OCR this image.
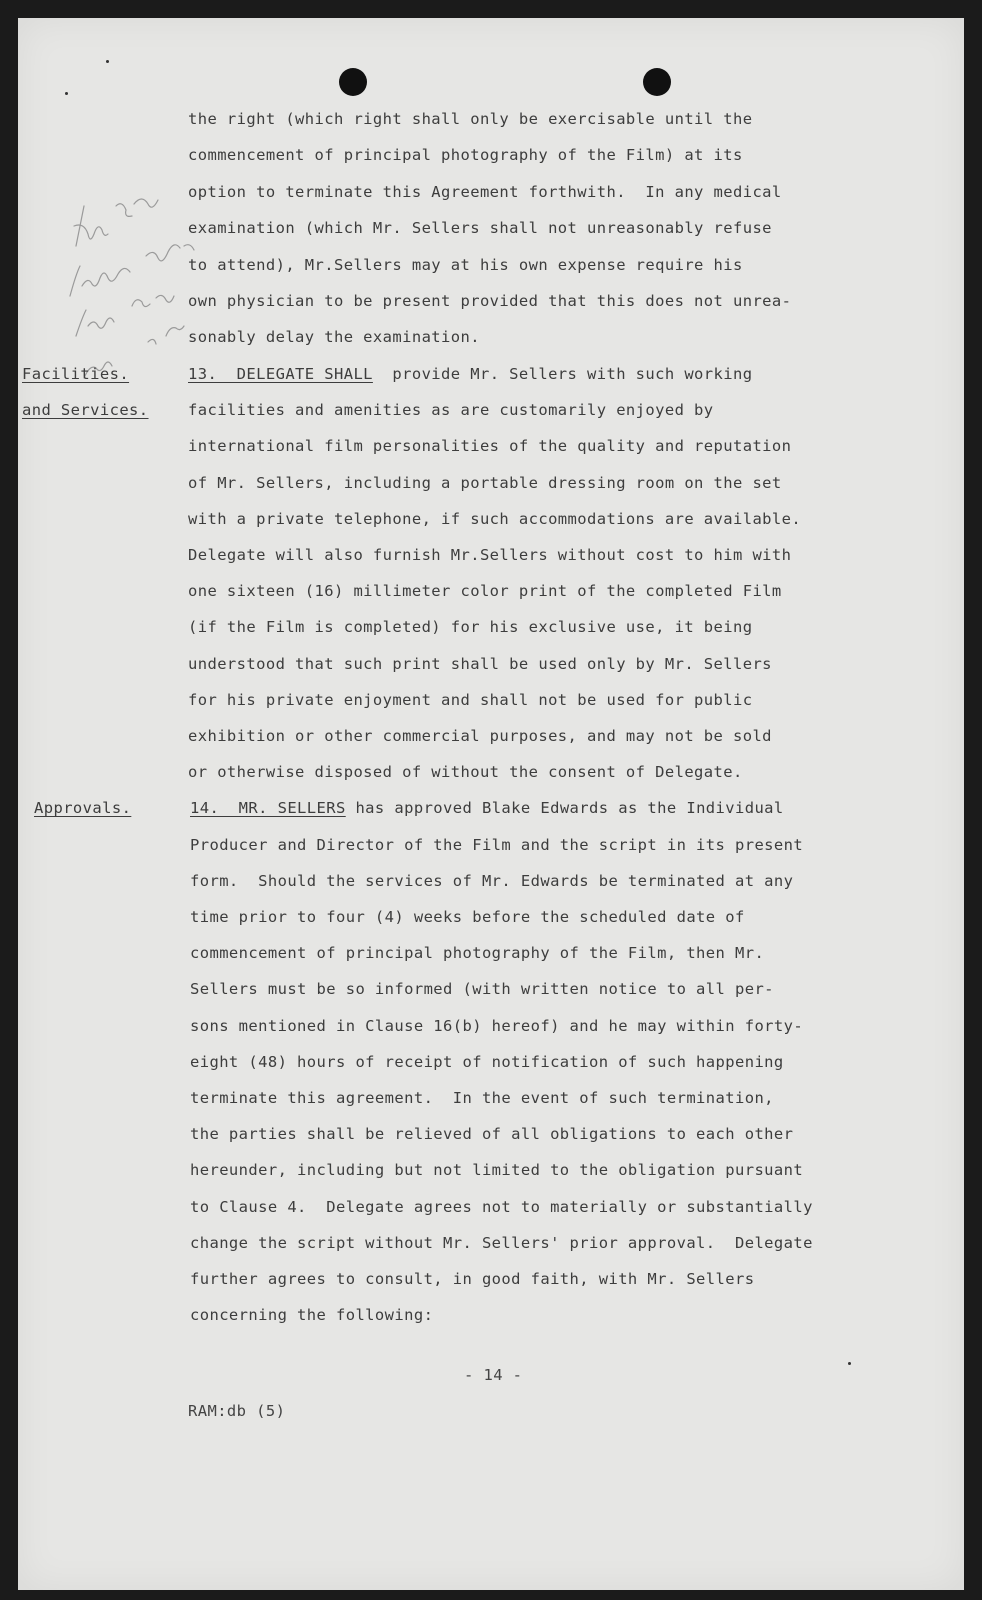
the right (which right shall only be exercisable until the
commencement of principal photography of the Film) at its
option to terminate this Agreement forthwith.  In any medical
examination (which Mr. Sellers shall not unreasonably refuse
to attend), Mr.Sellers may at his own expense require his
own physician to be present provided that this does not unrea-
sonably delay the examination.
Facilities.	13.  DELEGATE SHALL  provide Mr. Sellers with such working
and Services.	facilities and amenities as are customarily enjoyed by
international film personalities of the quality and reputation
of Mr. Sellers, including a portable dressing room on the set
with a private telephone, if such accommodations are available.
Delegate will also furnish Mr.Sellers without cost to him with
one sixteen (16) millimeter color print of the completed Film
(if the Film is completed) for his exclusive use, it being
understood that such print shall be used only by Mr. Sellers
for his private enjoyment and shall not be used for public
exhibition or other commercial purposes, and may not be sold
or otherwise disposed of without the consent of Delegate.
Approvals.	14.  MR. SELLERS has approved Blake Edwards as the Individual
Producer and Director of the Film and the script in its present
form.  Should the services of Mr. Edwards be terminated at any
time prior to four (4) weeks before the scheduled date of
commencement of principal photography of the Film, then Mr.
Sellers must be so informed (with written notice to all per-
sons mentioned in Clause 16(b) hereof) and he may within forty-
eight (48) hours of receipt of notification of such happening
terminate this agreement.  In the event of such termination,
the parties shall be relieved of all obligations to each other
hereunder, including but not limited to the obligation pursuant
to Clause 4.  Delegate agrees not to materially or substantially
change the script without Mr. Sellers' prior approval.  Delegate
further agrees to consult, in good faith, with Mr. Sellers
concerning the following:
- 14 -
RAM:db (5)
